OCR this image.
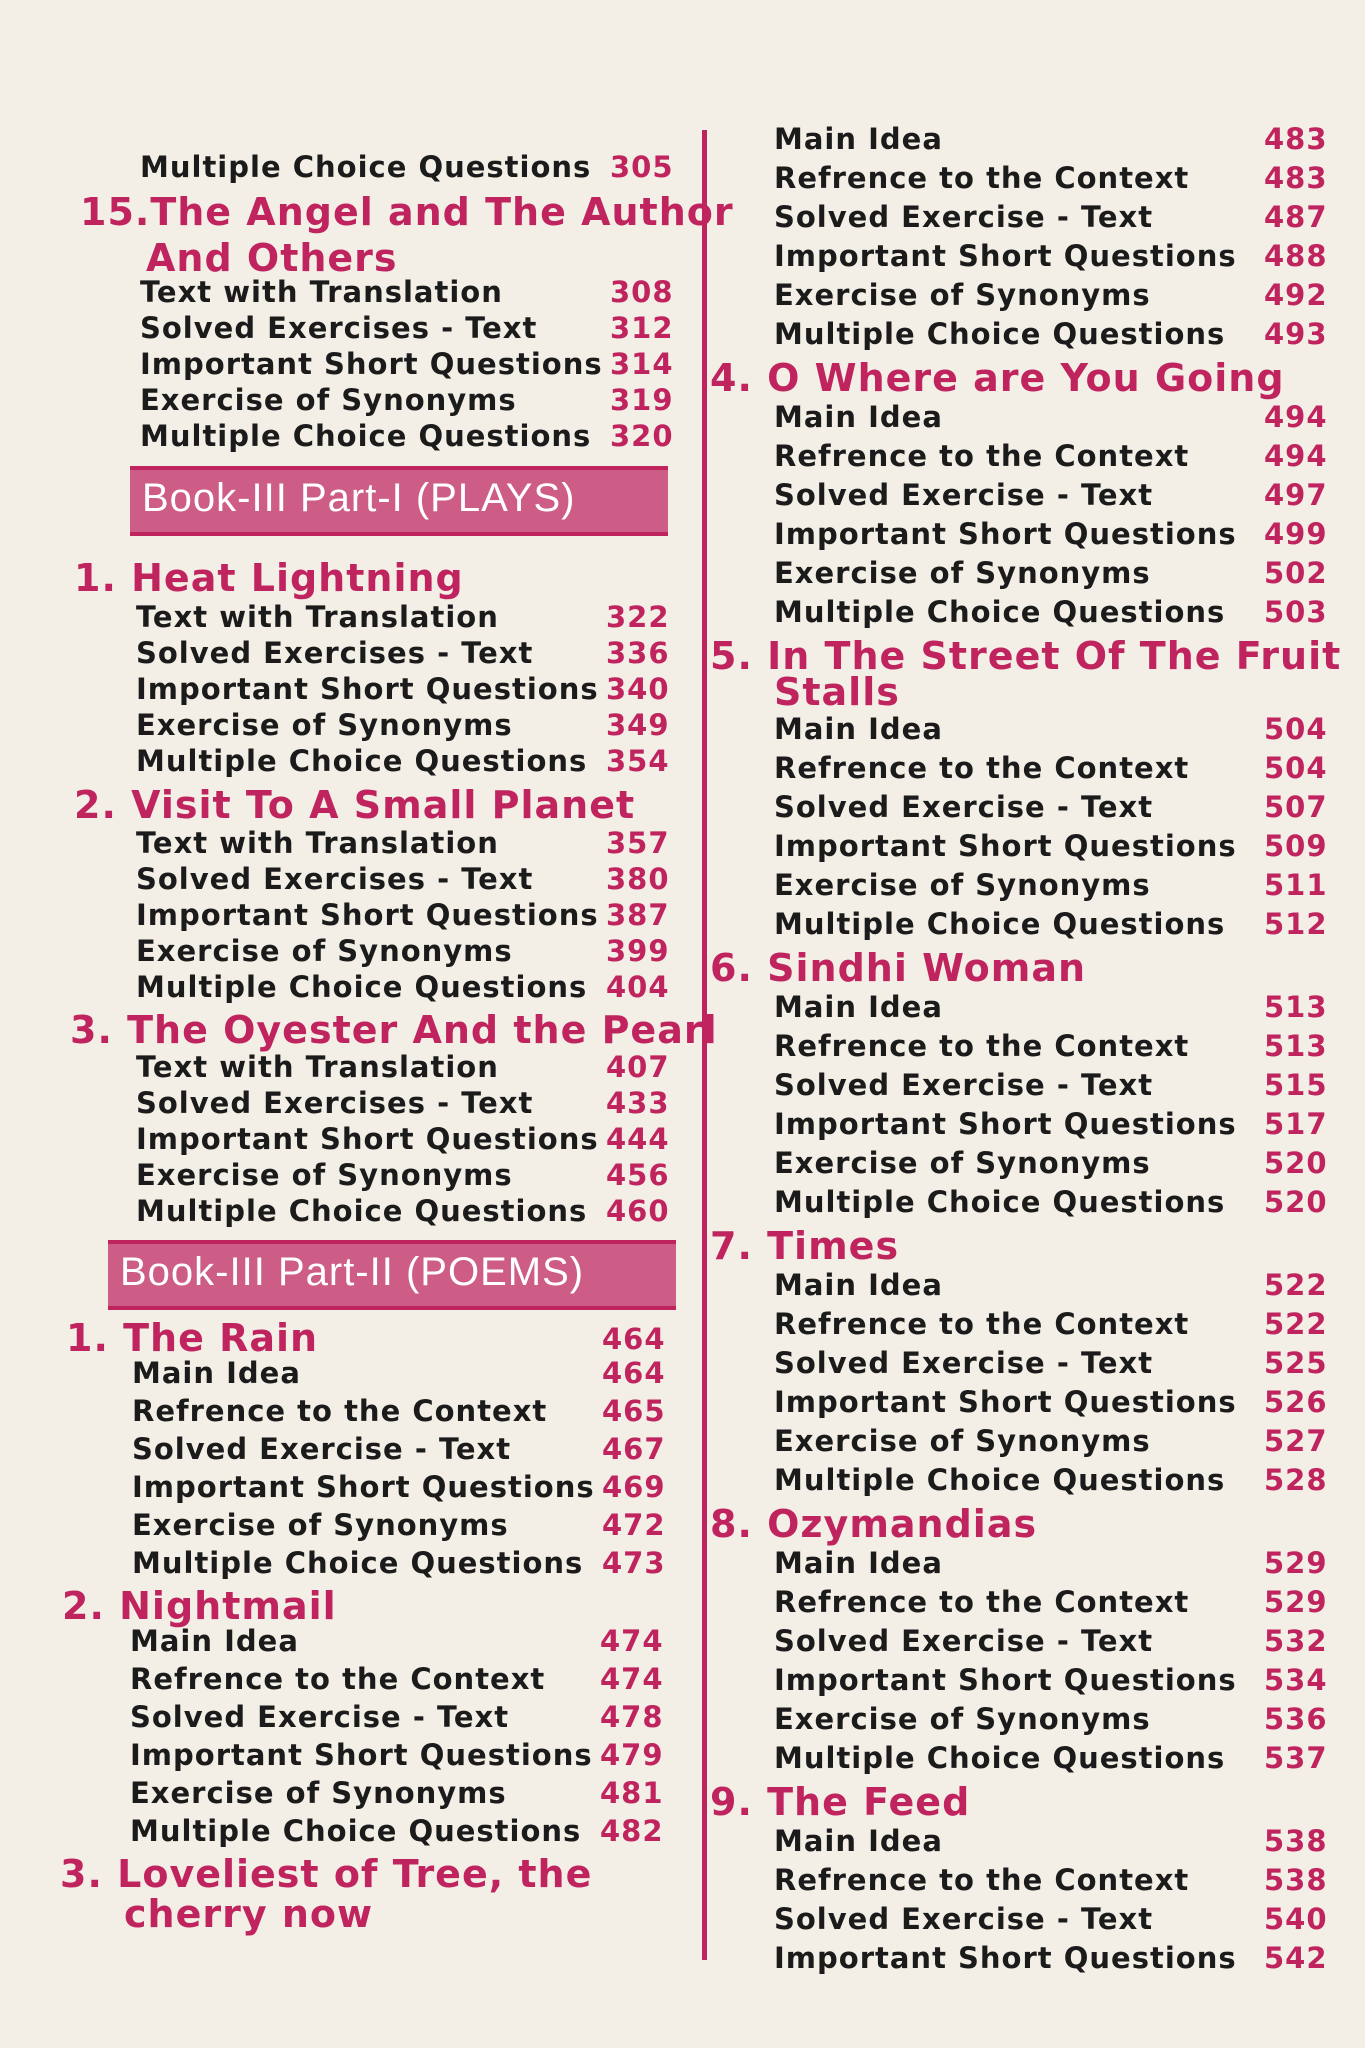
Multiple Choice Questions 305
15.The Angel and The Author
And Others
Text with Translation	308
Solved Exercises - Text	312
Important Short Questions 314
Exercise of Synonyms	319
Multiple Choice Questions 320
Book-III Part-I (PLAYS)
1. Heat Lightning
Text with Translation	322
Solved Exercises - Text	336
Important Short Questions 340
Exercise of Synonyms	349
Multiple Choice Questions 354
2. Visit To A Small Planet
Text with Translation	357
Solved Exercises - Text	380
Important Short Questions 387
Exercise of Synonyms	399
Multiple Choice Questions 404
3. The Oyester And the Pearl
Text with Translation	407
Solved Exercises - Text	433
Important Short Questions 444
Exercise of Synonyms	456
Multiple Choice Questions 460
Book-III Part-II (POEMS)
1. The Rain	464
Main Idea	464
Refrence to the Context 465
Solved Exercise - Text	467
Important Short Questions 469
Exercise of Synonyms	472
Multiple Choice Questions 473
2. Nightmail
Main Idea	474
Refrence to the Context 474
Solved Exercise - Text	478
Important Short Questions 479
Exercise of Synonyms	481
Multiple Choice Questions 482
3. Loveliest of Tree, the
cherry now
Main Idea	483
Refrence to the Context	483
Solved Exercise - Text	487
Important Short Questions 488
Exercise of Synonyms	492
Multiple Choice Questions 493
4. O Where are You Going
Main Idea	494
Refrence to the Context	494
Solved Exercise - Text	497
Important Short Questions 499
Exercise of Synonyms	502
Multiple Choice Questions 503
5. In The Street Of The Fruit
Stalls
Main Idea	504
Refrence to the Context	504
Solved Exercise - Text	507
Important Short Questions 509
Exercise of Synonyms	511
Multiple Choice Questions 512
6. Sindhi Woman
Main Idea	513
Refrence to the Context	513
Solved Exercise - Text	515
Important Short Questions 517
Exercise of Synonyms	520
Multiple Choice Questions 520
7. Times
Main Idea	522
Refrence to the Context	522
Solved Exercise - Text	525
Important Short Questions 526
Exercise of Synonyms	527
Multiple Choice Questions 528
8. Ozymandias
Main Idea	529
Refrence to the Context	529
Solved Exercise - Text	532
Important Short Questions 534
Exercise of Synonyms	536
Multiple Choice Questions 537
9. The Feed
Main Idea	538
Refrence to the Context	538
Solved Exercise - Text	540
Important Short Questions 542
